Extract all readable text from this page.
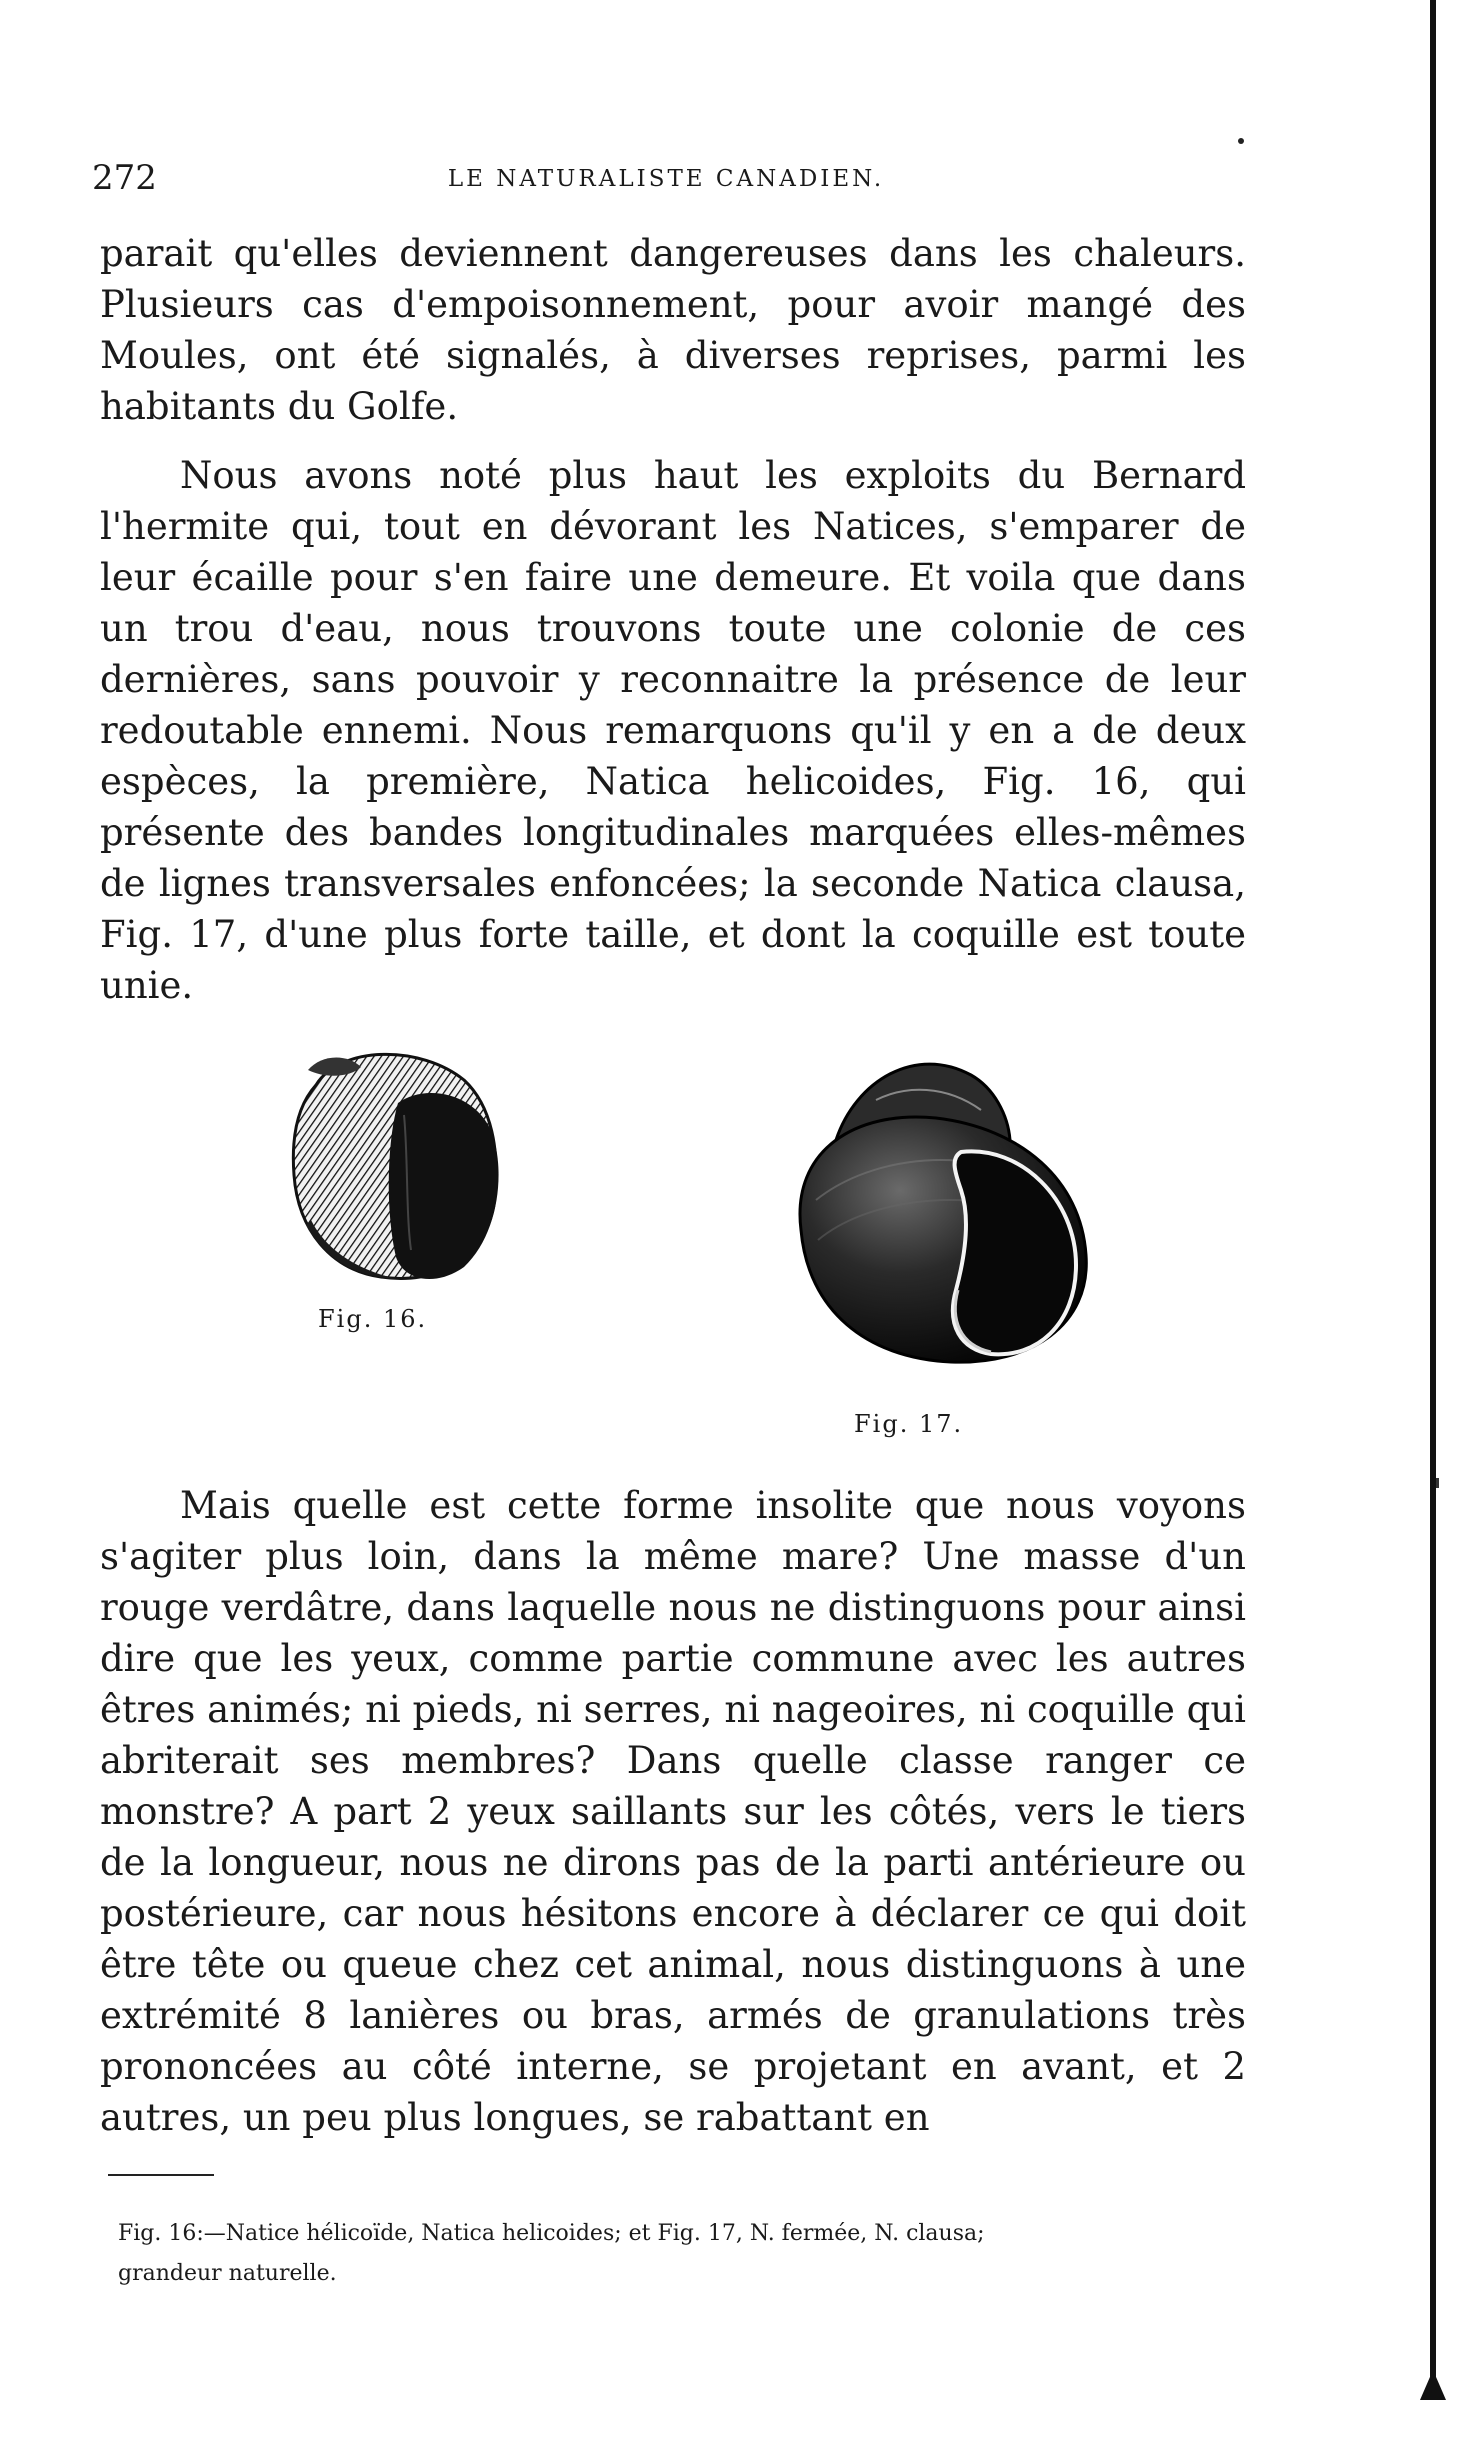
272	LE NATURALISTE CANADIEN.

parait qu'elles deviennent dangereuses dans les chaleurs. Plusieurs cas d'empoisonnement, pour avoir mangé des Moules, ont été signalés, à diverses reprises, parmi les habitants du Golfe.

Nous avons noté plus haut les exploits du Bernard l'hermite qui, tout en dévorant les Natices, s'emparer de leur écaille pour s'en faire une demeure. Et voila que dans un trou d'eau, nous trouvons toute une colonie de ces dernières, sans pouvoir y reconnaitre la présence de leur redoutable ennemi. Nous remarquons qu'il y en a de deux espèces, la première, Natica helicoides, Fig. 16, qui présente des bandes longitudinales marquées elles-mêmes de lignes transversales enfoncées; la seconde Natica clausa, Fig. 17, d'une plus forte taille, et dont la coquille est toute unie.

Fig. 16.

Fig. 17.

Mais quelle est cette forme insolite que nous voyons s'agiter plus loin, dans la même mare? Une masse d'un rouge verdâtre, dans laquelle nous ne distinguons pour ainsi dire que les yeux, comme partie commune avec les autres êtres animés; ni pieds, ni serres, ni nageoires, ni coquille qui abriterait ses membres? Dans quelle classe ranger ce monstre? A part 2 yeux saillants sur les côtés, vers le tiers de la longueur, nous ne dirons pas de la parti antérieure ou postérieure, car nous hésitons encore à déclarer ce qui doit être tête ou queue chez cet animal, nous distinguons à une extrémité 8 lanières ou bras, armés de granulations très prononcées au côté interne, se projetant en avant, et 2 autres, un peu plus longues, se rabattant en

Fig. 16:—Natice hélicoïde, Natica helicoides; et Fig. 17, N. fermée, N. clausa;

grandeur naturelle.
